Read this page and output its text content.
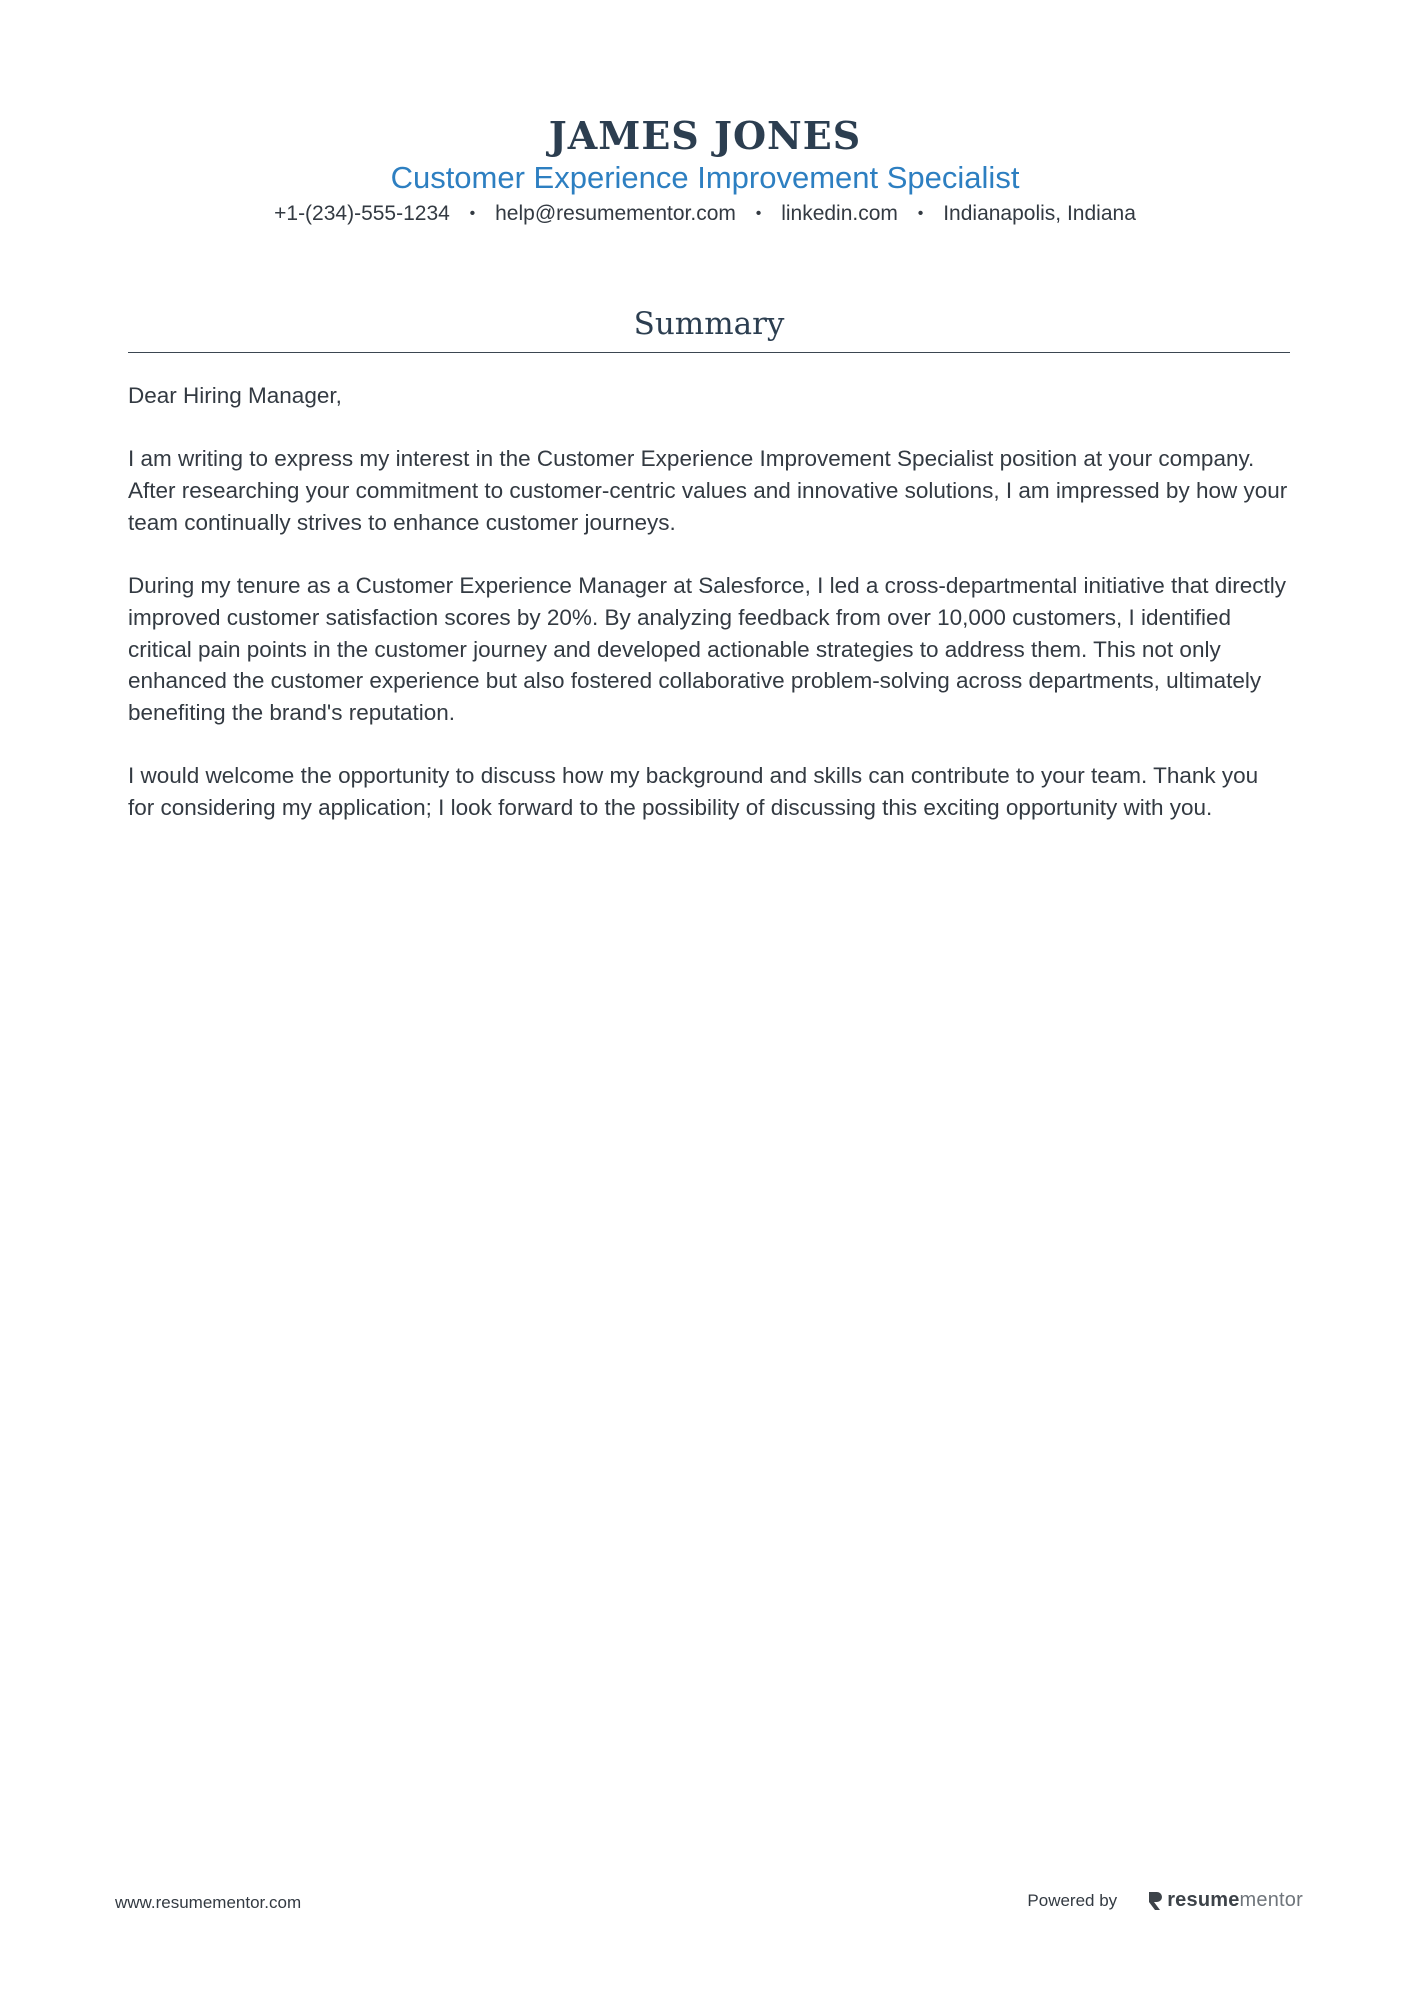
JAMES JONES
Customer Experience Improvement Specialist
+1-(234)-555-1234 • help@resumementor.com • linkedin.com • Indianapolis, Indiana
Summary

Dear Hiring Manager,

I am writing to express my interest in the Customer Experience Improvement Specialist position at your company. After researching your commitment to customer-centric values and innovative solutions, I am impressed by how your team continually strives to enhance customer journeys.

During my tenure as a Customer Experience Manager at Salesforce, I led a cross-departmental initiative that directly improved customer satisfaction scores by 20%. By analyzing feedback from over 10,000 customers, I identified critical pain points in the customer journey and developed actionable strategies to address them. This not only enhanced the customer experience but also fostered collaborative problem-solving across departments, ultimately benefiting the brand's reputation.

I would welcome the opportunity to discuss how my background and skills can contribute to your team. Thank you for considering my application; I look forward to the possibility of discussing this exciting opportunity with you.

www.resumementor.com	Powered by	resume mentor
